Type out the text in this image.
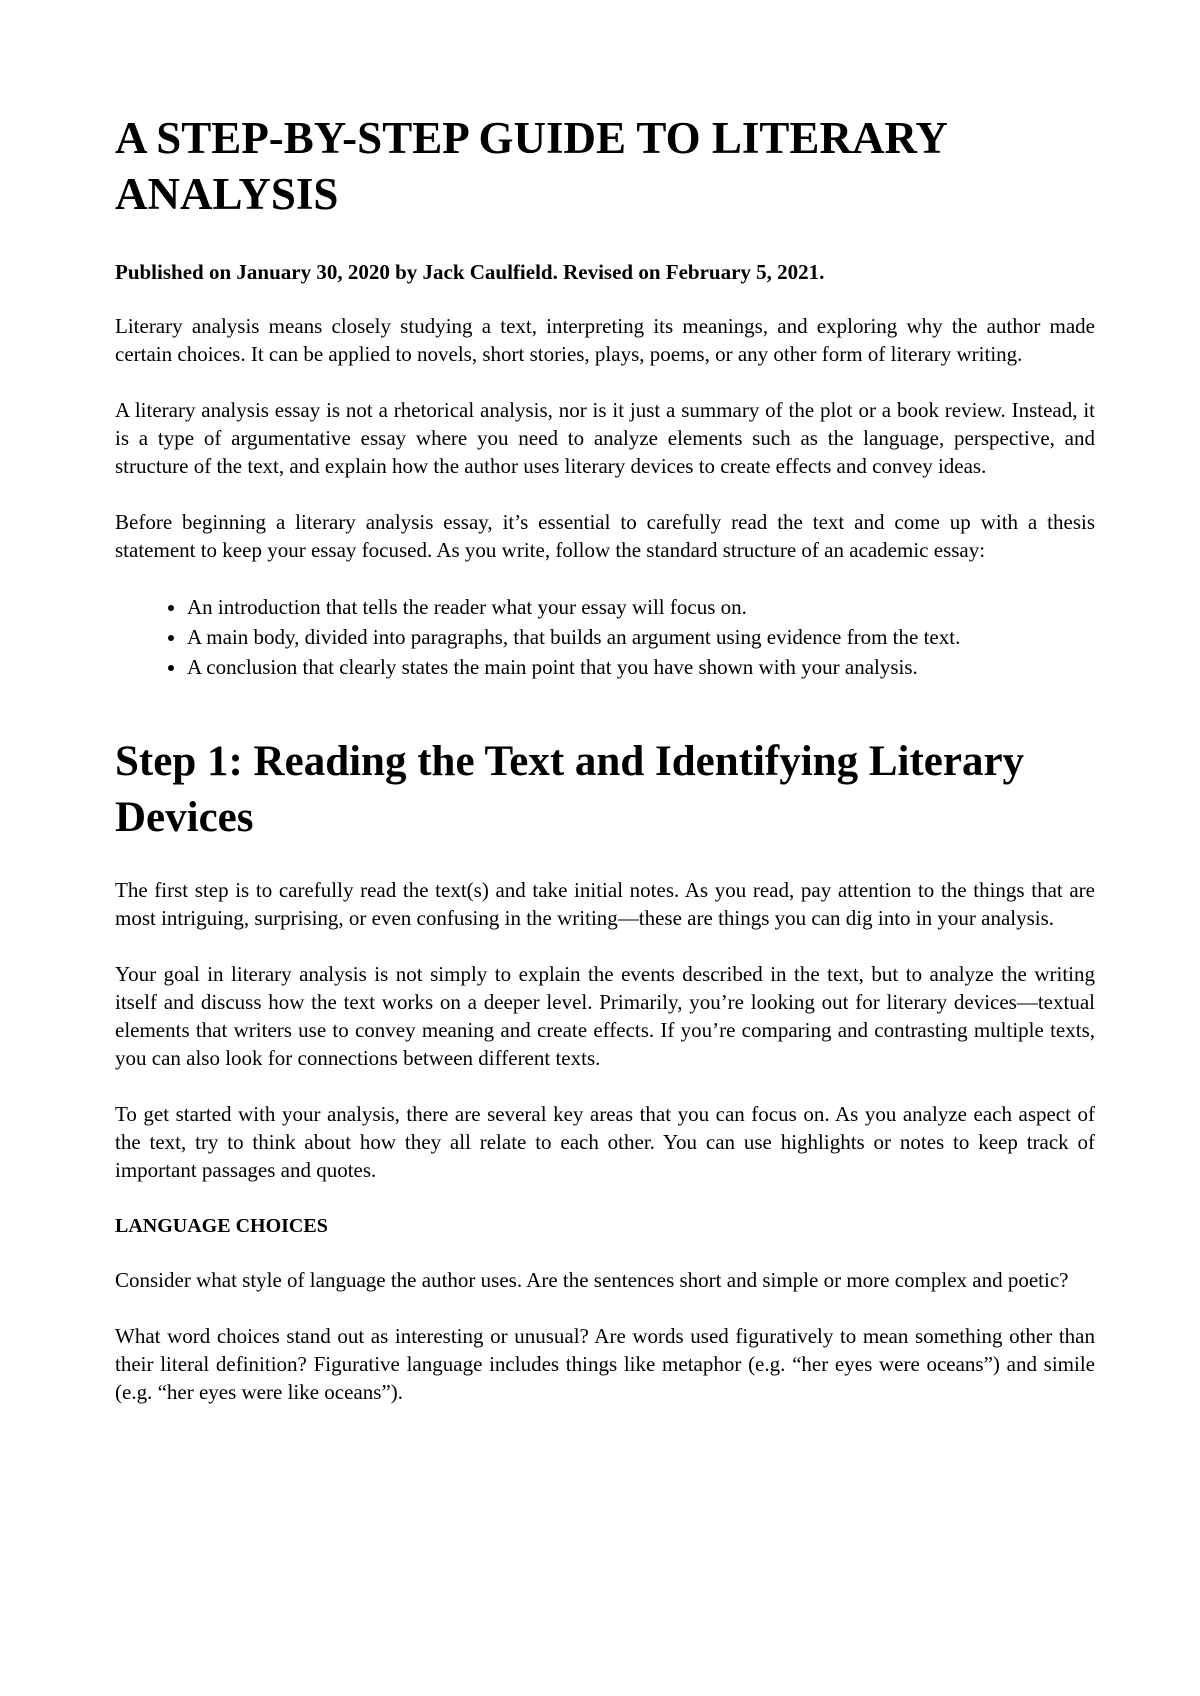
A STEP-BY-STEP GUIDE TO LITERARY ANALYSIS
Published on January 30, 2020 by Jack Caulfield. Revised on February 5, 2021.

Literary analysis means closely studying a text, interpreting its meanings, and exploring why the author made certain choices. It can be applied to novels, short stories, plays, poems, or any other form of literary writing.

A literary analysis essay is not a rhetorical analysis, nor is it just a summary of the plot or a book review. Instead, it is a type of argumentative essay where you need to analyze elements such as the language, perspective, and structure of the text, and explain how the author uses literary devices to create effects and convey ideas.

Before beginning a literary analysis essay, it’s essential to carefully read the text and come up with a thesis statement to keep your essay focused. As you write, follow the standard structure of an academic essay:

• An introduction that tells the reader what your essay will focus on.
• A main body, divided into paragraphs, that builds an argument using evidence from the text.
• A conclusion that clearly states the main point that you have shown with your analysis.
Step 1: Reading the Text and Identifying Literary Devices

The first step is to carefully read the text(s) and take initial notes. As you read, pay attention to the things that are most intriguing, surprising, or even confusing in the writing—these are things you can dig into in your analysis.

Your goal in literary analysis is not simply to explain the events described in the text, but to analyze the writing itself and discuss how the text works on a deeper level. Primarily, you’re looking out for literary devices—textual elements that writers use to convey meaning and create effects. If you’re comparing and contrasting multiple texts, you can also look for connections between different texts.

To get started with your analysis, there are several key areas that you can focus on. As you analyze each aspect of the text, try to think about how they all relate to each other. You can use highlights or notes to keep track of important passages and quotes.

LANGUAGE CHOICES

Consider what style of language the author uses. Are the sentences short and simple or more complex and poetic?

What word choices stand out as interesting or unusual? Are words used figuratively to mean something other than their literal definition? Figurative language includes things like metaphor (e.g. “her eyes were oceans”) and simile (e.g. “her eyes were like oceans”).
